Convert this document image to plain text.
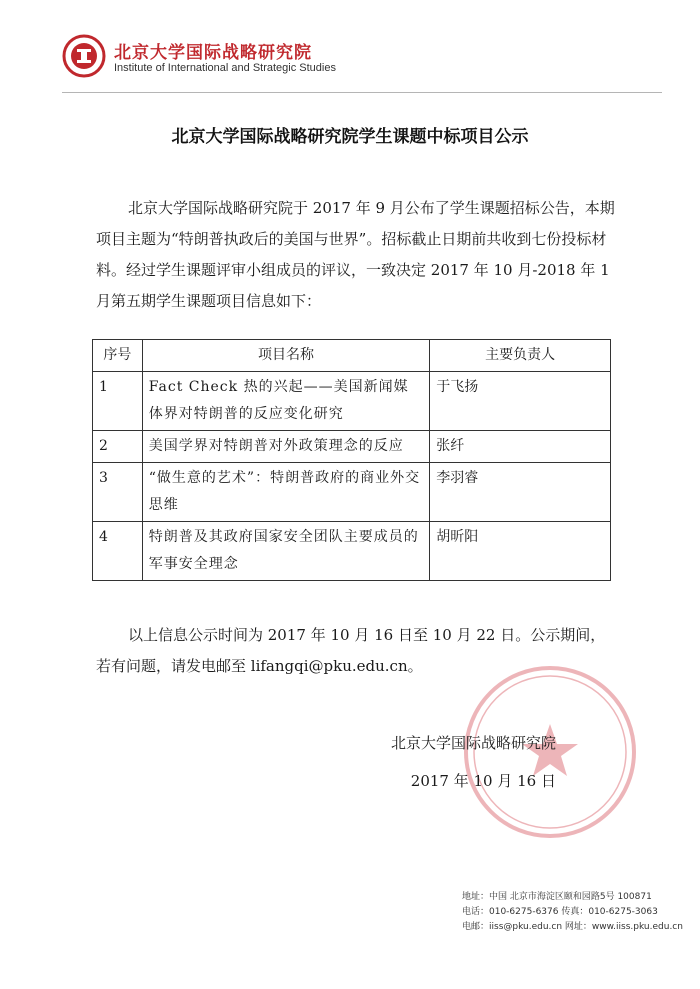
北京大学国际战略研究院
Institute of International and Strategic Studies
北京大学国际战略研究院学生课题中标项目公示

北京大学国际战略研究院于 2017 年 9 月公布了学生课题招标公告，本期项目主题为“特朗普执政后的美国与世界”。招标截止日期前共收到七份投标材料。经过学生课题评审小组成员的评议，一致决定 2017 年 10 月-2018 年 1 月第五期学生课题项目信息如下：

序号	项目名称	主要负责人
1	Fact Check 热的兴起——美国新闻媒体界对特朗普的反应变化研究	于飞扬
2	美国学界对特朗普对外政策理念的反应	张纤
3	“做生意的艺术”：特朗普政府的商业外交思维	李羽睿
4	特朗普及其政府国家安全团队主要成员的军事安全理念	胡昕阳

以上信息公示时间为 2017 年 10 月 16 日至 10 月 22 日。公示期间，若有问题，请发电邮至 lifangqi@pku.edu.cn。

北京大学国际战略研究院
2017 年 10 月 16 日
地址：中国 北京市海淀区颐和园路5号 100871
电话：010-6275-6376 传真：010-6275-3063
电邮：iiss@pku.edu.cn 网址：www.iiss.pku.edu.cn
